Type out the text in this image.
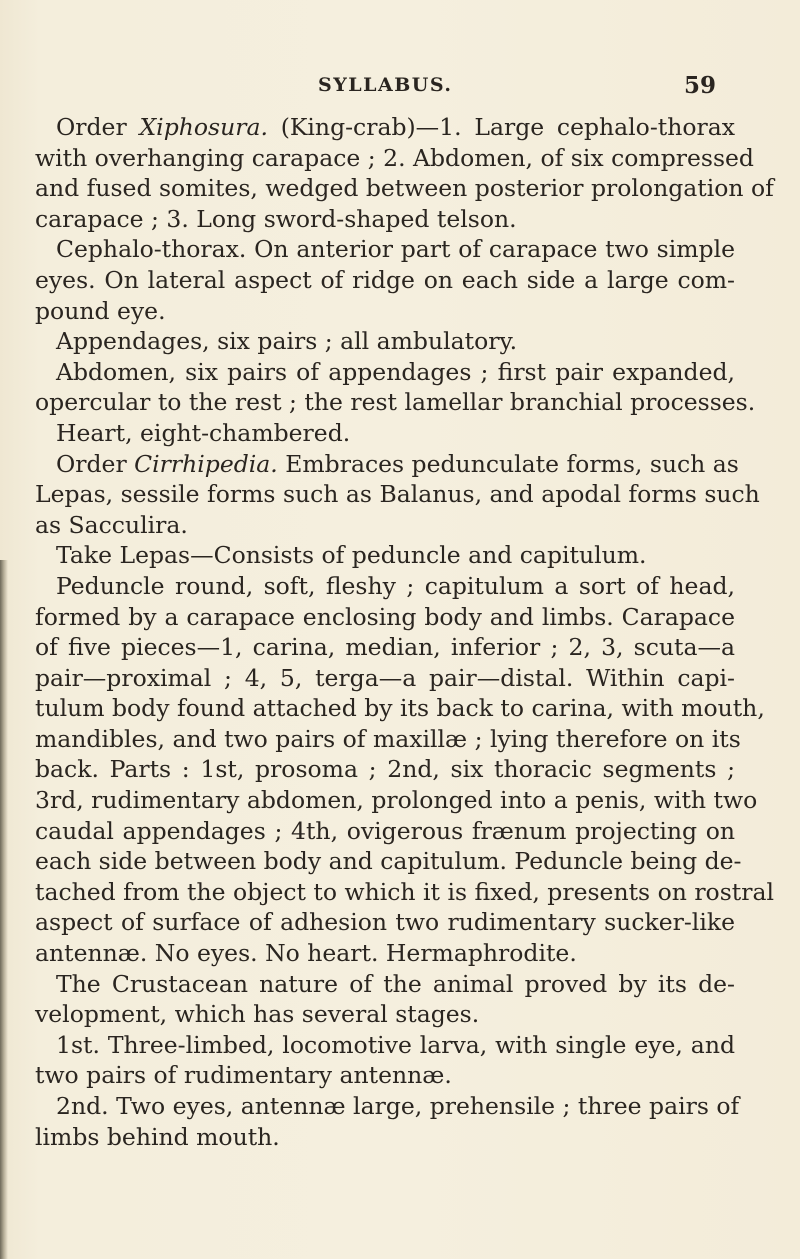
SYLLABUS.	59
Order Xiphosura. (King-crab)—1. Large cephalo-thorax
with overhanging carapace ; 2. Abdomen, of six compressed
and fused somites, wedged between posterior prolongation of
carapace ; 3. Long sword-shaped telson.
Cephalo-thorax. On anterior part of carapace two simple
eyes. On lateral aspect of ridge on each side a large com-
pound eye.
Appendages, six pairs ; all ambulatory.
Abdomen, six pairs of appendages ; first pair expanded,
opercular to the rest ; the rest lamellar branchial processes.
Heart, eight-chambered.
Order Cirrhipedia. Embraces pedunculate forms, such as
Lepas, sessile forms such as Balanus, and apodal forms such
as Sacculira.
Take Lepas—Consists of peduncle and capitulum.
Peduncle round, soft, fleshy ; capitulum a sort of head,
formed by a carapace enclosing body and limbs. Carapace
of five pieces—1, carina, median, inferior ; 2, 3, scuta—a
pair—proximal ; 4, 5, terga—a pair—distal. Within capi-
tulum body found attached by its back to carina, with mouth,
mandibles, and two pairs of maxillæ ; lying therefore on its
back. Parts : 1st, prosoma ; 2nd, six thoracic segments ;
3rd, rudimentary abdomen, prolonged into a penis, with two
caudal appendages ; 4th, ovigerous frænum projecting on
each side between body and capitulum. Peduncle being de-
tached from the object to which it is fixed, presents on rostral
aspect of surface of adhesion two rudimentary sucker-like
antennæ. No eyes. No heart. Hermaphrodite.
The Crustacean nature of the animal proved by its de-
velopment, which has several stages.
1st. Three-limbed, locomotive larva, with single eye, and
two pairs of rudimentary antennæ.
2nd. Two eyes, antennæ large, prehensile ; three pairs of
limbs behind mouth.
